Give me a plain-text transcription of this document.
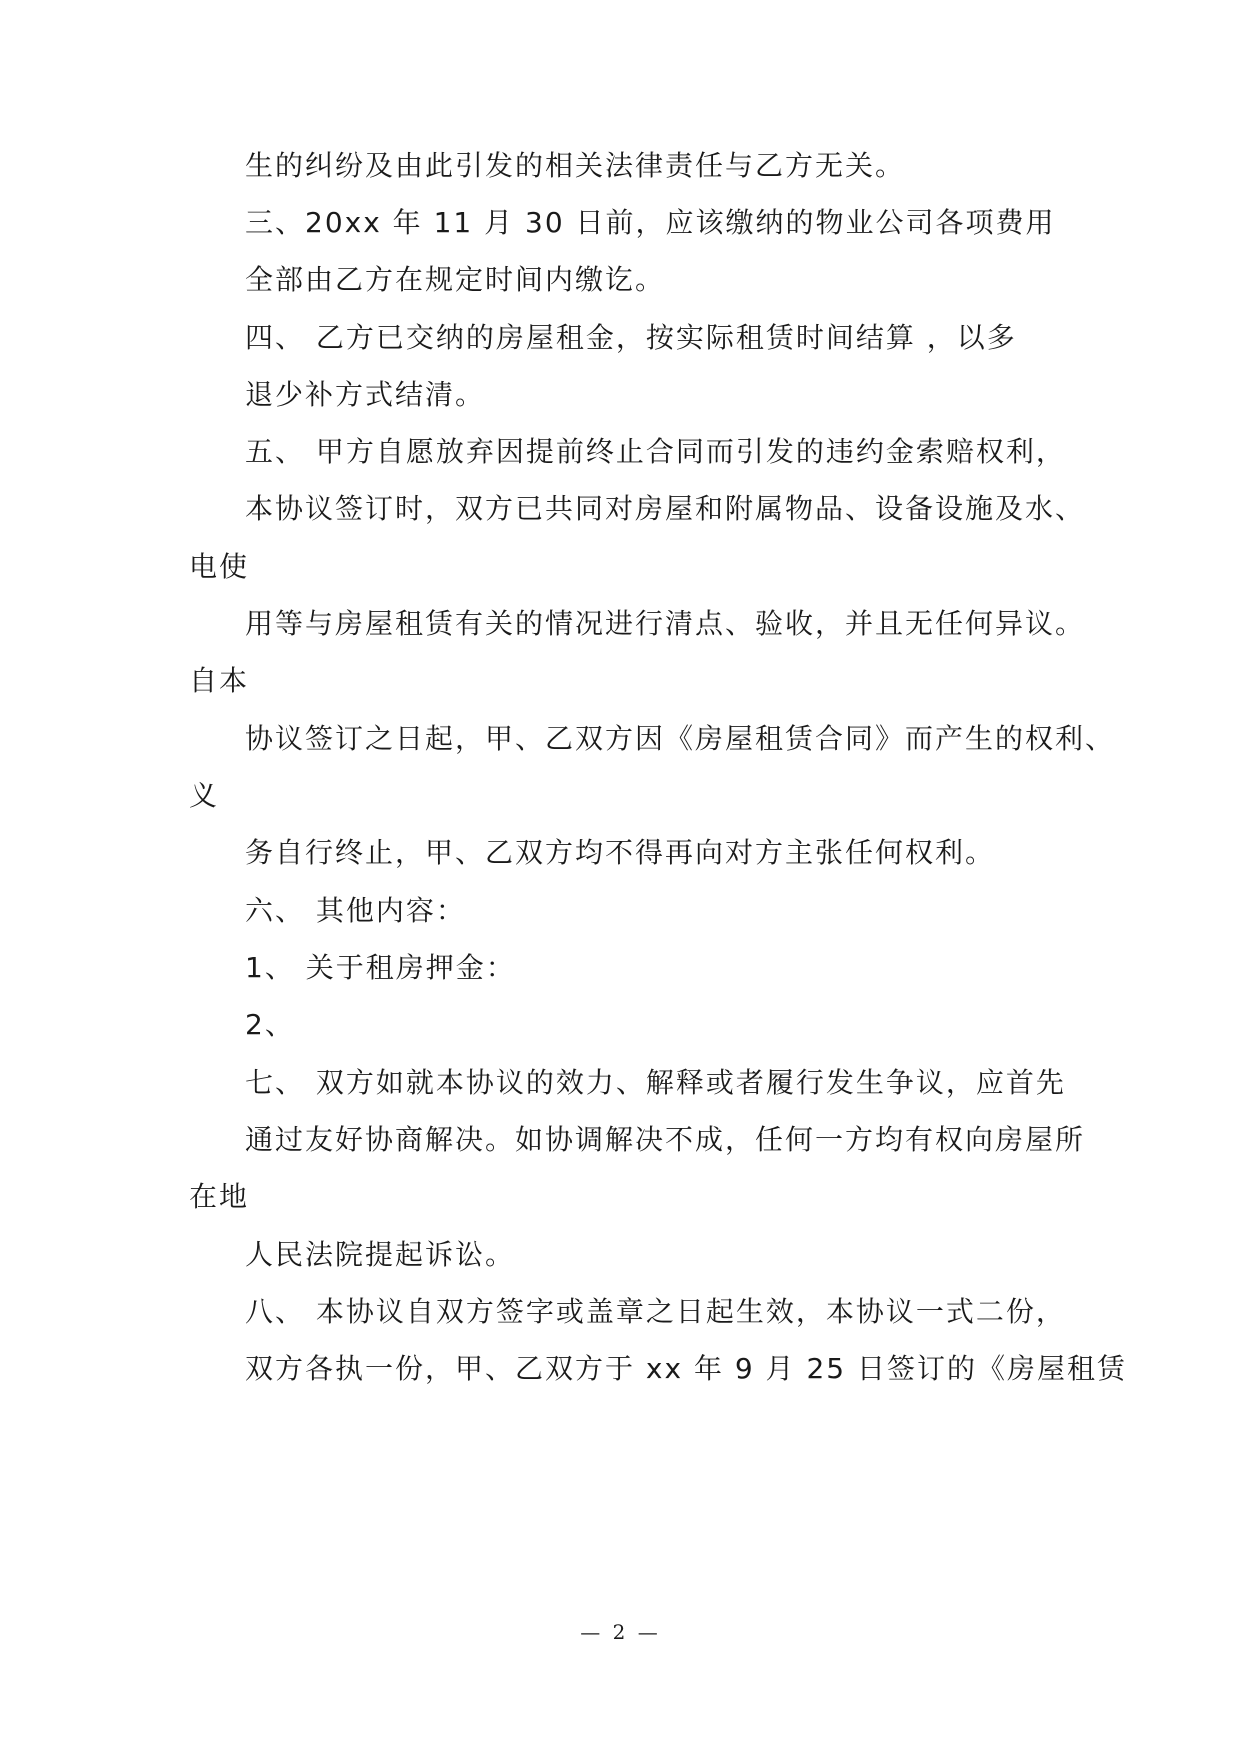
生的纠纷及由此引发的相关法律责任与乙方无关。
三、20xx 年 11 月 30 日前，应该缴纳的物业公司各项费用
全部由乙方在规定时间内缴讫。
四、 乙方已交纳的房屋租金，按实际租赁时间结算 ，以多
退少补方式结清。
五、 甲方自愿放弃因提前终止合同而引发的违约金索赔权利，
本协议签订时，双方已共同对房屋和附属物品、设备设施及水、
电使
用等与房屋租赁有关的情况进行清点、验收，并且无任何异议。
自本
协议签订之日起，甲、乙双方因《房屋租赁合同》而产生的权利、
义
务自行终止，甲、乙双方均不得再向对方主张任何权利。
六、 其他内容：
1、 关于租房押金：
2、
七、 双方如就本协议的效力、解释或者履行发生争议，应首先
通过友好协商解决。如协调解决不成，任何一方均有权向房屋所
在地
人民法院提起诉讼。
八、 本协议自双方签字或盖章之日起生效，本协议一式二份，
双方各执一份，甲、乙双方于 xx 年 9 月 25 日签订的《房屋租赁
— 2 —
